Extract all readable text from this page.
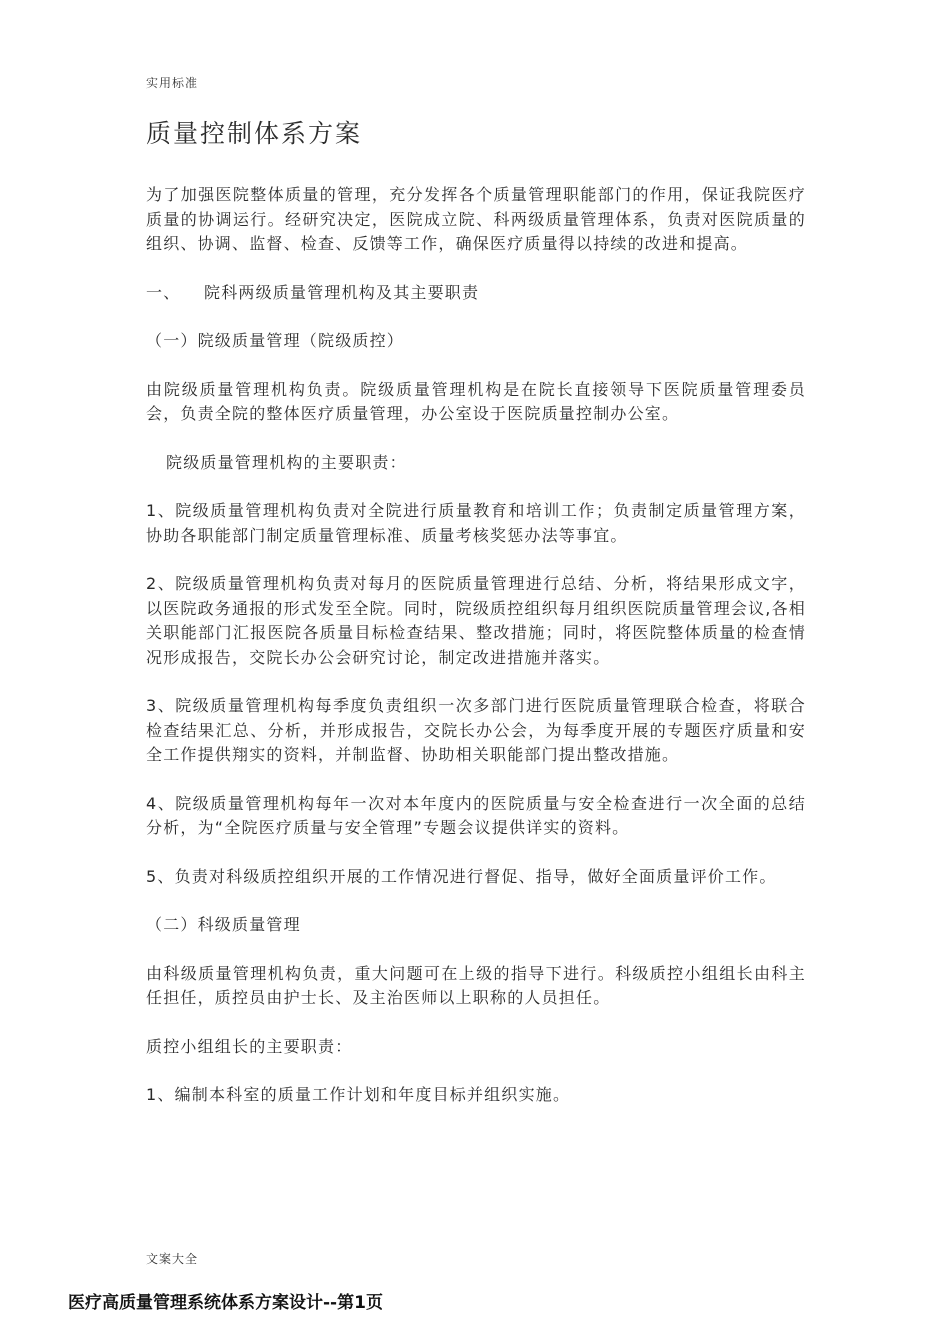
实用标准
质量控制体系方案

为了加强医院整体质量的管理，充分发挥各个质量管理职能部门的作用，保证我院医疗质量的协调运行。经研究决定，医院成立院、科两级质量管理体系，负责对医院质量的组织、协调、监督、检查、反馈等工作，确保医疗质量得以持续的改进和提高。

一、	院科两级质量管理机构及其主要职责

（一）院级质量管理（院级质控）

由院级质量管理机构负责。院级质量管理机构是在院长直接领导下医院质量管理委员会，负责全院的整体医疗质量管理，办公室设于医院质量控制办公室。

院级质量管理机构的主要职责：

1、院级质量管理机构负责对全院进行质量教育和培训工作；负责制定质量管理方案，协助各职能部门制定质量管理标准、质量考核奖惩办法等事宜。

2、院级质量管理机构负责对每月的医院质量管理进行总结、分析，将结果形成文字，以医院政务通报的形式发至全院。同时，院级质控组织每月组织医院质量管理会议,各相关职能部门汇报医院各质量目标检查结果、整改措施；同时，将医院整体质量的检查情况形成报告，交院长办公会研究讨论，制定改进措施并落实。

3、院级质量管理机构每季度负责组织一次多部门进行医院质量管理联合检查，将联合检查结果汇总、分析，并形成报告，交院长办公会，为每季度开展的专题医疗质量和安全工作提供翔实的资料，并制监督、协助相关职能部门提出整改措施。

4、院级质量管理机构每年一次对本年度内的医院质量与安全检查进行一次全面的总结分析，为“全院医疗质量与安全管理”专题会议提供详实的资料。

5、负责对科级质控组织开展的工作情况进行督促、指导，做好全面质量评价工作。

（二）科级质量管理

由科级质量管理机构负责，重大问题可在上级的指导下进行。科级质控小组组长由科主任担任，质控员由护士长、及主治医师以上职称的人员担任。

质控小组组长的主要职责：

1、编制本科室的质量工作计划和年度目标并组织实施。

文案大全
医疗高质量管理系统体系方案设计--第1页
